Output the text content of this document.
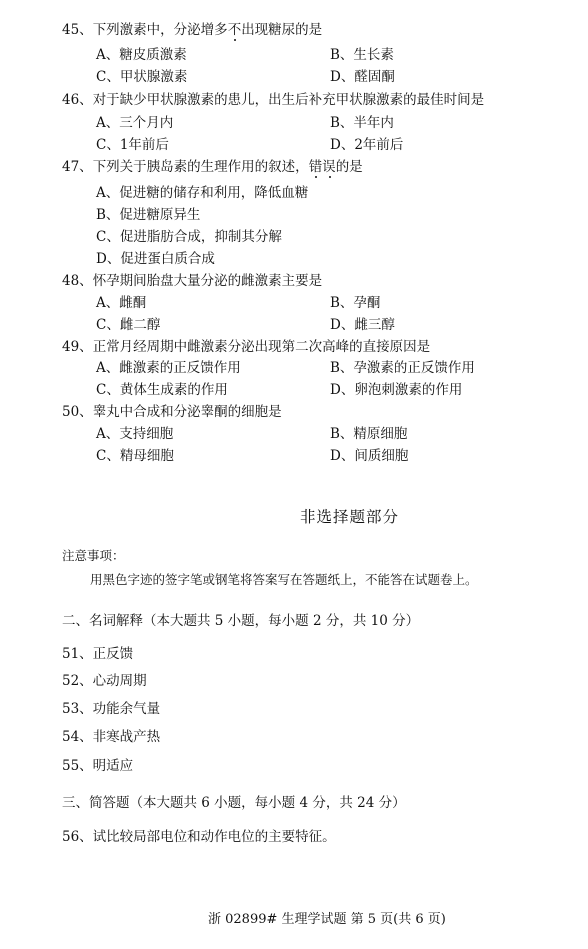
45、下列激素中，分泌增多不
出现糖尿的是
A、糖皮质激素	B、生长素
C、甲状腺激素	D、醛固酮
46、对于缺少甲状腺激素的患儿，出生后补充甲状腺激素的最佳时间是
A、三个月内	B、半年内
C、1年前后	D、2年前后
47、下列关于胰岛素的生理作用的叙述，错误
的是
A、促进糖的储存和利用，降低血糖
B、促进糖原异生
C、促进脂肪合成，抑制其分解
D、促进蛋白质合成
48、怀孕期间胎盘大量分泌的雌激素主要是
A、雌酮	B、孕酮
C、雌二醇	D、雌三醇
49、正常月经周期中雌激素分泌出现第二次高峰的直接原因是
A、雌激素的正反馈作用	B、孕激素的正反馈作用
C、黄体生成素的作用	D、卵泡刺激素的作用
50、睾丸中合成和分泌睾酮的细胞是
A、支持细胞	B、精原细胞
C、精母细胞	D、间质细胞
非选择题部分
注意事项：
用黑色字迹的签字笔或钢笔将答案写在答题纸上，不能答在试题卷上。
二、名词解释（本大题共 5 小题，每小题 2 分，共 10 分）
51、正反馈
52、心动周期
53、功能余气量
54、非寒战产热
55、明适应
三、简答题（本大题共 6 小题，每小题 4 分，共 24 分）
56、试比较局部电位和动作电位的主要特征。
浙 02899# 生理学试题 第 5 页(共 6 页)
